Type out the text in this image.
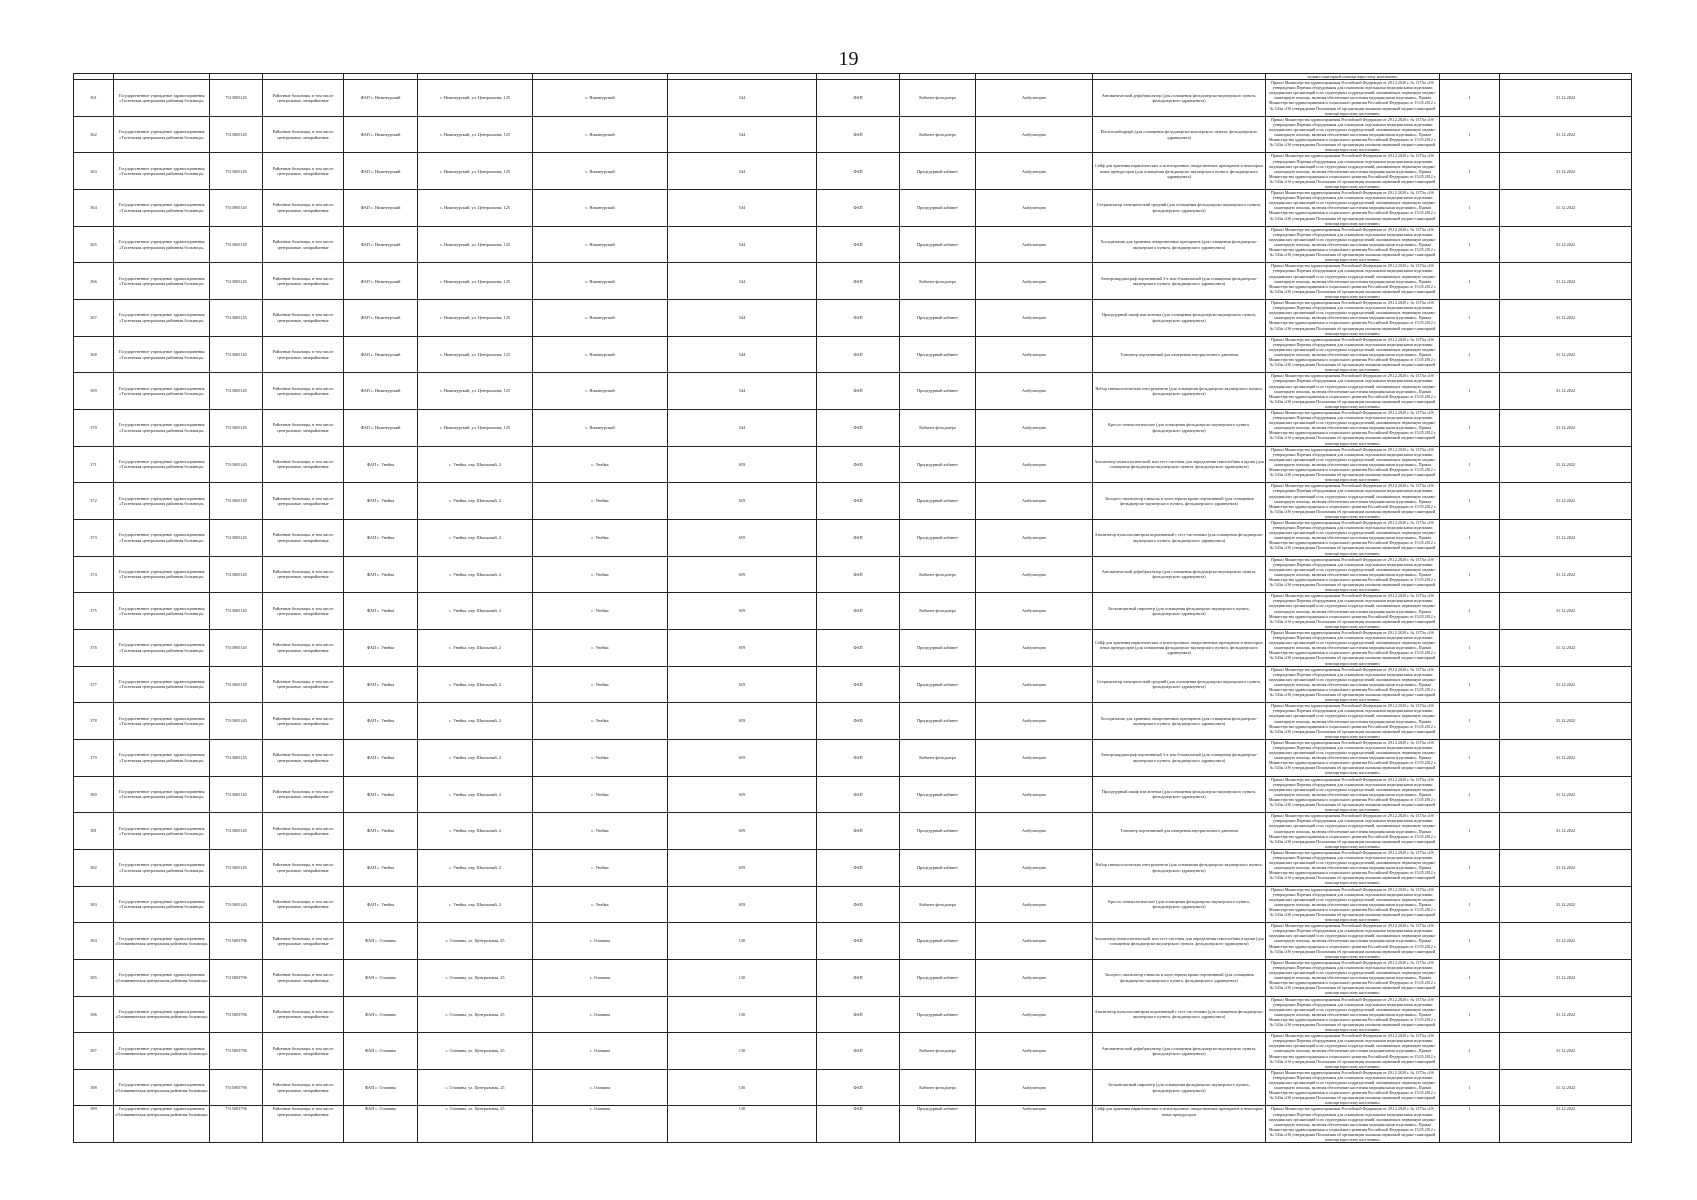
19
												медико-санитарной помощи взрослому населению»		
361	Государственное учреждение здравоохранения «Тасеевская центральная районная больница»	7513005145	Районные больницы, в том числе центральные, межрайонные	ФАП с. Нижнеурский	с. Нижнеурский, ул. Центральная, 125	с. Нижнеурский	544	ФАП	Кабинет фельдшера	Амбулаторно	Автоматический дефибриллятор (для оснащения фельдшерско-акушерского пункта, фельдшерского здравпункта)	Приказ Министерства здравоохранения Российской Федерации от 29.12.2020 г. № 1375н «Об утверждении Перечня оборудования для оснащения отдельными медицинскими изделиями медицинских организаций и их структурных подразделений, оказывающих первичную медико-санитарную помощь, включая обеспечение населения медицинскими изделиями», Приказ Министерства здравоохранения и социального развития Российской Федерации от 15.05.2012 г. № 543н «Об утверждении Положения об организации оказания первичной медико-санитарной помощи взрослому населению»	1	31.12.2022
362	Государственное учреждение здравоохранения «Тасеевская центральная районная больница»	7513005145	Районные больницы, в том числе центральные, межрайонные	ФАП с. Нижнеурский	с. Нижнеурский, ул. Центральная, 125	с. Нижнеурский	544	ФАП	Кабинет фельдшера	Амбулаторно	Electrocardiograph (для оснащения фельдшерско-акушерского пункта, фельдшерского здравпункта)	Приказ Министерства здравоохранения Российской Федерации от 29.12.2020 г. № 1375н «Об утверждении Перечня оборудования для оснащения отдельными медицинскими изделиями медицинских организаций и их структурных подразделений, оказывающих первичную медико-санитарную помощь, включая обеспечение населения медицинскими изделиями», Приказ Министерства здравоохранения и социального развития Российской Федерации от 15.05.2012 г. № 543н «Об утверждении Положения об организации оказания первичной медико-санитарной помощи взрослому населению»	1	31.12.2022
363	Государственное учреждение здравоохранения «Тасеевская центральная районная больница»	7513005145	Районные больницы, в том числе центральные, межрайонные	ФАП с. Нижнеурский	с. Нижнеурский, ул. Центральная, 125	с. Нижнеурский	544	ФАП	Процедурный кабинет	Амбулаторно	Сейф для хранения наркотических и психотропных лекарственных препаратов и некоторых иных прекурсоров (для оснащения фельдшерско-акушерского пункта, фельдшерского здравпункта)	Приказ Министерства здравоохранения Российской Федерации от 29.12.2020 г. № 1375н «Об утверждении Перечня оборудования для оснащения отдельными медицинскими изделиями медицинских организаций и их структурных подразделений, оказывающих первичную медико-санитарную помощь, включая обеспечение населения медицинскими изделиями», Приказ Министерства здравоохранения и социального развития Российской Федерации от 15.05.2012 г. № 543н «Об утверждении Положения об организации оказания первичной медико-санитарной помощи взрослому населению»	1	31.12.2022
364	Государственное учреждение здравоохранения «Тасеевская центральная районная больница»	7513005145	Районные больницы, в том числе центральные, межрайонные	ФАП с. Нижнеурский	с. Нижнеурский, ул. Центральная, 125	с. Нижнеурский	544	ФАП	Процедурный кабинет	Амбулаторно	Стерилизатор электрический средний (для оснащения фельдшерско-акушерского пункта, фельдшерского здравпункта)	Приказ Министерства здравоохранения Российской Федерации от 29.12.2020 г. № 1375н «Об утверждении Перечня оборудования для оснащения отдельными медицинскими изделиями медицинских организаций и их структурных подразделений, оказывающих первичную медико-санитарную помощь, включая обеспечение населения медицинскими изделиями», Приказ Министерства здравоохранения и социального развития Российской Федерации от 15.05.2012 г. № 543н «Об утверждении Положения об организации оказания первичной медико-санитарной помощи взрослому населению»	1	31.12.2022
365	Государственное учреждение здравоохранения «Тасеевская центральная районная больница»	7513005145	Районные больницы, в том числе центральные, межрайонные	ФАП с. Нижнеурский	с. Нижнеурский, ул. Центральная, 125	с. Нижнеурский	544	ФАП	Процедурный кабинет	Амбулаторно	Холодильник для хранения лекарственных препаратов (для оснащения фельдшерско-акушерского пункта, фельдшерского здравпункта)	Приказ Министерства здравоохранения Российской Федерации от 29.12.2020 г. № 1375н «Об утверждении Перечня оборудования для оснащения отдельными медицинскими изделиями медицинских организаций и их структурных подразделений, оказывающих первичную медико-санитарную помощь, включая обеспечение населения медицинскими изделиями», Приказ Министерства здравоохранения и социального развития Российской Федерации от 15.05.2012 г. № 543н «Об утверждении Положения об организации оказания первичной медико-санитарной помощи взрослому населению»	1	31.12.2022
366	Государственное учреждение здравоохранения «Тасеевская центральная районная больница»	7513005145	Районные больницы, в том числе центральные, межрайонные	ФАП с. Нижнеурский	с. Нижнеурский, ул. Центральная, 125	с. Нижнеурский	544	ФАП	Кабинет фельдшера	Амбулаторно	Электрокардиограф портативный 3-х или 6-канальный (для оснащения фельдшерско-акушерского пункта, фельдшерского здравпункта)	Приказ Министерства здравоохранения Российской Федерации от 29.12.2020 г. № 1375н «Об утверждении Перечня оборудования для оснащения отдельными медицинскими изделиями медицинских организаций и их структурных подразделений, оказывающих первичную медико-санитарную помощь, включая обеспечение населения медицинскими изделиями», Приказ Министерства здравоохранения и социального развития Российской Федерации от 15.05.2012 г. № 543н «Об утверждении Положения об организации оказания первичной медико-санитарной помощи взрослому населению»	1	31.12.2022
367	Государственное учреждение здравоохранения «Тасеевская центральная районная больница»	7513005145	Районные больницы, в том числе центральные, межрайонные	ФАП с. Нижнеурский	с. Нижнеурский, ул. Центральная, 125	с. Нижнеурский	544	ФАП	Процедурный кабинет	Амбулаторно	Процедурный шкаф или аптечка (для оснащения фельдшерско-акушерского пункта, фельдшерского здравпункта)	Приказ Министерства здравоохранения Российской Федерации от 29.12.2020 г. № 1375н «Об утверждении Перечня оборудования для оснащения отдельными медицинскими изделиями медицинских организаций и их структурных подразделений, оказывающих первичную медико-санитарную помощь, включая обеспечение населения медицинскими изделиями», Приказ Министерства здравоохранения и социального развития Российской Федерации от 15.05.2012 г. № 543н «Об утверждении Положения об организации оказания первичной медико-санитарной помощи взрослому населению»	1	31.12.2022
368	Государственное учреждение здравоохранения «Тасеевская центральная районная больница»	7513005145	Районные больницы, в том числе центральные, межрайонные	ФАП с. Нижнеурский	с. Нижнеурский, ул. Центральная, 125	с. Нижнеурский	544	ФАП	Процедурный кабинет	Амбулаторно	Тонометр портативный для измерения внутриглазного давления	Приказ Министерства здравоохранения Российской Федерации от 29.12.2020 г. № 1375н «Об утверждении Перечня оборудования для оснащения отдельными медицинскими изделиями медицинских организаций и их структурных подразделений, оказывающих первичную медико-санитарную помощь, включая обеспечение населения медицинскими изделиями», Приказ Министерства здравоохранения и социального развития Российской Федерации от 15.05.2012 г. № 543н «Об утверждении Положения об организации оказания первичной медико-санитарной помощи взрослому населению»	1	31.12.2022
369	Государственное учреждение здравоохранения «Тасеевская центральная районная больница»	7513005145	Районные больницы, в том числе центральные, межрайонные	ФАП с. Нижнеурский	с. Нижнеурский, ул. Центральная, 125	с. Нижнеурский	544	ФАП	Процедурный кабинет	Амбулаторно	Набор гинекологических инструментов (для оснащения фельдшерско-акушерского пункта, фельдшерского здравпункта)	Приказ Министерства здравоохранения Российской Федерации от 29.12.2020 г. № 1375н «Об утверждении Перечня оборудования для оснащения отдельными медицинскими изделиями медицинских организаций и их структурных подразделений, оказывающих первичную медико-санитарную помощь, включая обеспечение населения медицинскими изделиями», Приказ Министерства здравоохранения и социального развития Российской Федерации от 15.05.2012 г. № 543н «Об утверждении Положения об организации оказания первичной медико-санитарной помощи взрослому населению»	1	31.12.2022
370	Государственное учреждение здравоохранения «Тасеевская центральная районная больница»	7513005145	Районные больницы, в том числе центральные, межрайонные	ФАП с. Нижнеурский	с. Нижнеурский, ул. Центральная, 125	с. Нижнеурский	544	ФАП	Кабинет фельдшера	Амбулаторно	Кресло гинекологическое (для оснащения фельдшерско-акушерского пункта, фельдшерского здравпункта)	Приказ Министерства здравоохранения Российской Федерации от 29.12.2020 г. № 1375н «Об утверждении Перечня оборудования для оснащения отдельными медицинскими изделиями медицинских организаций и их структурных подразделений, оказывающих первичную медико-санитарную помощь, включая обеспечение населения медицинскими изделиями», Приказ Министерства здравоохранения и социального развития Российской Федерации от 15.05.2012 г. № 543н «Об утверждении Положения об организации оказания первичной медико-санитарной помощи взрослому населению»	1	31.12.2022
371	Государственное учреждение здравоохранения «Тасеевская центральная районная больница»	7513005145	Районные больницы, в том числе центральные, межрайонные	ФАП с. Унейка	с. Унейка, пер. Школьный, 2	с. Унейка	659	ФАП	Процедурный кабинет	Амбулаторно	Анализатор гематологический, или тест-системы для определения гемоглобина в крови (для оснащения фельдшерско-акушерского пункта, фельдшерского здравпункта)	Приказ Министерства здравоохранения Российской Федерации от 29.12.2020 г. № 1375н «Об утверждении Перечня оборудования для оснащения отдельными медицинскими изделиями медицинских организаций и их структурных подразделений, оказывающих первичную медико-санитарную помощь, включая обеспечение населения медицинскими изделиями», Приказ Министерства здравоохранения и социального развития Российской Федерации от 15.05.2012 г. № 543н «Об утверждении Положения об организации оказания первичной медико-санитарной помощи взрослому населению»	1	31.12.2022
372	Государственное учреждение здравоохранения «Тасеевская центральная районная больница»	7513005145	Районные больницы, в том числе центральные, межрайонные	ФАП с. Унейка	с. Унейка, пер. Школьный, 2	с. Унейка	659	ФАП	Процедурный кабинет	Амбулаторно	Экспресс-анализатор глюкозы и холестерина крови портативный (для оснащения фельдшерско-акушерского пункта, фельдшерского здравпункта)	Приказ Министерства здравоохранения Российской Федерации от 29.12.2020 г. № 1375н «Об утверждении Перечня оборудования для оснащения отдельными медицинскими изделиями медицинских организаций и их структурных подразделений, оказывающих первичную медико-санитарную помощь, включая обеспечение населения медицинскими изделиями», Приказ Министерства здравоохранения и социального развития Российской Федерации от 15.05.2012 г. № 543н «Об утверждении Положения об организации оказания первичной медико-санитарной помощи взрослому населению»	1	31.12.2022
373	Государственное учреждение здравоохранения «Тасеевская центральная районная больница»	7513005145	Районные больницы, в том числе центральные, межрайонные	ФАП с. Унейка	с. Унейка, пер. Школьный, 2	с. Унейка	659	ФАП	Процедурный кабинет	Амбулаторно	Анализатор пульсоксиметрии портативный с тест-системами (для оснащения фельдшерско-акушерского пункта, фельдшерского здравпункта)	Приказ Министерства здравоохранения Российской Федерации от 29.12.2020 г. № 1375н «Об утверждении Перечня оборудования для оснащения отдельными медицинскими изделиями медицинских организаций и их структурных подразделений, оказывающих первичную медико-санитарную помощь, включая обеспечение населения медицинскими изделиями», Приказ Министерства здравоохранения и социального развития Российской Федерации от 15.05.2012 г. № 543н «Об утверждении Положения об организации оказания первичной медико-санитарной помощи взрослому населению»	1	31.12.2022
374	Государственное учреждение здравоохранения «Тасеевская центральная районная больница»	7513005145	Районные больницы, в том числе центральные, межрайонные	ФАП с. Унейка	с. Унейка, пер. Школьный, 2	с. Унейка	659	ФАП	Кабинет фельдшера	Амбулаторно	Автоматический дефибриллятор (для оснащения фельдшерско-акушерского пункта, фельдшерского здравпункта)	Приказ Министерства здравоохранения Российской Федерации от 29.12.2020 г. № 1375н «Об утверждении Перечня оборудования для оснащения отдельными медицинскими изделиями медицинских организаций и их структурных подразделений, оказывающих первичную медико-санитарную помощь, включая обеспечение населения медицинскими изделиями», Приказ Министерства здравоохранения и социального развития Российской Федерации от 15.05.2012 г. № 543н «Об утверждении Положения об организации оказания первичной медико-санитарной помощи взрослому населению»	1	31.12.2022
375	Государственное учреждение здравоохранения «Тасеевская центральная районная больница»	7513005145	Районные больницы, в том числе центральные, межрайонные	ФАП с. Унейка	с. Унейка, пер. Школьный, 2	с. Унейка	659	ФАП	Кабинет фельдшера	Амбулаторно	Бесконтактный пирометр (для оснащения фельдшерско-акушерского пункта, фельдшерского здравпункта)	Приказ Министерства здравоохранения Российской Федерации от 29.12.2020 г. № 1375н «Об утверждении Перечня оборудования для оснащения отдельными медицинскими изделиями медицинских организаций и их структурных подразделений, оказывающих первичную медико-санитарную помощь, включая обеспечение населения медицинскими изделиями», Приказ Министерства здравоохранения и социального развития Российской Федерации от 15.05.2012 г. № 543н «Об утверждении Положения об организации оказания первичной медико-санитарной помощи взрослому населению»	1	31.12.2022
376	Государственное учреждение здравоохранения «Тасеевская центральная районная больница»	7513005145	Районные больницы, в том числе центральные, межрайонные	ФАП с. Унейка	с. Унейка, пер. Школьный, 2	с. Унейка	659	ФАП	Процедурный кабинет	Амбулаторно	Сейф для хранения наркотических и психотропных лекарственных препаратов и некоторых иных прекурсоров (для оснащения фельдшерско-акушерского пункта, фельдшерского здравпункта)	Приказ Министерства здравоохранения Российской Федерации от 29.12.2020 г. № 1375н «Об утверждении Перечня оборудования для оснащения отдельными медицинскими изделиями медицинских организаций и их структурных подразделений, оказывающих первичную медико-санитарную помощь, включая обеспечение населения медицинскими изделиями», Приказ Министерства здравоохранения и социального развития Российской Федерации от 15.05.2012 г. № 543н «Об утверждении Положения об организации оказания первичной медико-санитарной помощи взрослому населению»	1	31.12.2022
377	Государственное учреждение здравоохранения «Тасеевская центральная районная больница»	7513005145	Районные больницы, в том числе центральные, межрайонные	ФАП с. Унейка	с. Унейка, пер. Школьный, 2	с. Унейка	659	ФАП	Процедурный кабинет	Амбулаторно	Стерилизатор электрический средний (для оснащения фельдшерско-акушерского пункта, фельдшерского здравпункта)	Приказ Министерства здравоохранения Российской Федерации от 29.12.2020 г. № 1375н «Об утверждении Перечня оборудования для оснащения отдельными медицинскими изделиями медицинских организаций и их структурных подразделений, оказывающих первичную медико-санитарную помощь, включая обеспечение населения медицинскими изделиями», Приказ Министерства здравоохранения и социального развития Российской Федерации от 15.05.2012 г. № 543н «Об утверждении Положения об организации оказания первичной медико-санитарной помощи взрослому населению»	1	31.12.2022
378	Государственное учреждение здравоохранения «Тасеевская центральная районная больница»	7513005145	Районные больницы, в том числе центральные, межрайонные	ФАП с. Унейка	с. Унейка, пер. Школьный, 2	с. Унейка	659	ФАП	Процедурный кабинет	Амбулаторно	Холодильник для хранения лекарственных препаратов (для оснащения фельдшерско-акушерского пункта, фельдшерского здравпункта)	Приказ Министерства здравоохранения Российской Федерации от 29.12.2020 г. № 1375н «Об утверждении Перечня оборудования для оснащения отдельными медицинскими изделиями медицинских организаций и их структурных подразделений, оказывающих первичную медико-санитарную помощь, включая обеспечение населения медицинскими изделиями», Приказ Министерства здравоохранения и социального развития Российской Федерации от 15.05.2012 г. № 543н «Об утверждении Положения об организации оказания первичной медико-санитарной помощи взрослому населению»	1	31.12.2022
379	Государственное учреждение здравоохранения «Тасеевская центральная районная больница»	7513005145	Районные больницы, в том числе центральные, межрайонные	ФАП с. Унейка	с. Унейка, пер. Школьный, 2	с. Унейка	659	ФАП	Кабинет фельдшера	Амбулаторно	Электрокардиограф портативный 3-х или 6-канальный (для оснащения фельдшерско-акушерского пункта, фельдшерского здравпункта)	Приказ Министерства здравоохранения Российской Федерации от 29.12.2020 г. № 1375н «Об утверждении Перечня оборудования для оснащения отдельными медицинскими изделиями медицинских организаций и их структурных подразделений, оказывающих первичную медико-санитарную помощь, включая обеспечение населения медицинскими изделиями», Приказ Министерства здравоохранения и социального развития Российской Федерации от 15.05.2012 г. № 543н «Об утверждении Положения об организации оказания первичной медико-санитарной помощи взрослому населению»	1	31.12.2022
380	Государственное учреждение здравоохранения «Тасеевская центральная районная больница»	7513005145	Районные больницы, в том числе центральные, межрайонные	ФАП с. Унейка	с. Унейка, пер. Школьный, 2	с. Унейка	659	ФАП	Процедурный кабинет	Амбулаторно	Процедурный шкаф или аптечка (для оснащения фельдшерско-акушерского пункта, фельдшерского здравпункта)	Приказ Министерства здравоохранения Российской Федерации от 29.12.2020 г. № 1375н «Об утверждении Перечня оборудования для оснащения отдельными медицинскими изделиями медицинских организаций и их структурных подразделений, оказывающих первичную медико-санитарную помощь, включая обеспечение населения медицинскими изделиями», Приказ Министерства здравоохранения и социального развития Российской Федерации от 15.05.2012 г. № 543н «Об утверждении Положения об организации оказания первичной медико-санитарной помощи взрослому населению»	1	31.12.2022
381	Государственное учреждение здравоохранения «Тасеевская центральная районная больница»	7513005145	Районные больницы, в том числе центральные, межрайонные	ФАП с. Унейка	с. Унейка, пер. Школьный, 2	с. Унейка	659	ФАП	Процедурный кабинет	Амбулаторно	Тонометр портативный для измерения внутриглазного давления	Приказ Министерства здравоохранения Российской Федерации от 29.12.2020 г. № 1375н «Об утверждении Перечня оборудования для оснащения отдельными медицинскими изделиями медицинских организаций и их структурных подразделений, оказывающих первичную медико-санитарную помощь, включая обеспечение населения медицинскими изделиями», Приказ Министерства здравоохранения и социального развития Российской Федерации от 15.05.2012 г. № 543н «Об утверждении Положения об организации оказания первичной медико-санитарной помощи взрослому населению»	1	31.12.2022
382	Государственное учреждение здравоохранения «Тасеевская центральная районная больница»	7513005145	Районные больницы, в том числе центральные, межрайонные	ФАП с. Унейка	с. Унейка, пер. Школьный, 2	с. Унейка	659	ФАП	Процедурный кабинет	Амбулаторно	Набор гинекологических инструментов (для оснащения фельдшерско-акушерского пункта, фельдшерского здравпункта)	Приказ Министерства здравоохранения Российской Федерации от 29.12.2020 г. № 1375н «Об утверждении Перечня оборудования для оснащения отдельными медицинскими изделиями медицинских организаций и их структурных подразделений, оказывающих первичную медико-санитарную помощь, включая обеспечение населения медицинскими изделиями», Приказ Министерства здравоохранения и социального развития Российской Федерации от 15.05.2012 г. № 543н «Об утверждении Положения об организации оказания первичной медико-санитарной помощи взрослому населению»	1	31.12.2022
383	Государственное учреждение здравоохранения «Тасеевская центральная районная больница»	7513005145	Районные больницы, в том числе центральные, межрайонные	ФАП с. Унейка	с. Унейка, пер. Школьный, 2	с. Унейка	659	ФАП	Кабинет фельдшера	Амбулаторно	Кресло гинекологическое (для оснащения фельдшерско-акушерского пункта, фельдшерского здравпункта)	Приказ Министерства здравоохранения Российской Федерации от 29.12.2020 г. № 1375н «Об утверждении Перечня оборудования для оснащения отдельными медицинскими изделиями медицинских организаций и их структурных подразделений, оказывающих первичную медико-санитарную помощь, включая обеспечение населения медицинскими изделиями», Приказ Министерства здравоохранения и социального развития Российской Федерации от 15.05.2012 г. № 543н «Об утверждении Положения об организации оказания первичной медико-санитарной помощи взрослому населению»	1	31.12.2022
384	Государственное учреждение здравоохранения «Оловяннинская центральная районная больница»	7515003796	Районные больницы, в том числе центральные, межрайонные	ФАП с. Оловяны	с. Оловяны, ул. Центральная, 25	с. Оловяны	130	ФАП	Процедурный кабинет	Амбулаторно	Анализатор гематологический, или тест-системы для определения гемоглобина в крови (для оснащения фельдшерско-акушерского пункта, фельдшерского здравпункта)	Приказ Министерства здравоохранения Российской Федерации от 29.12.2020 г. № 1375н «Об утверждении Перечня оборудования для оснащения отдельными медицинскими изделиями медицинских организаций и их структурных подразделений, оказывающих первичную медико-санитарную помощь, включая обеспечение населения медицинскими изделиями», Приказ Министерства здравоохранения и социального развития Российской Федерации от 15.05.2012 г. № 543н «Об утверждении Положения об организации оказания первичной медико-санитарной помощи взрослому населению»	1	31.12.2022
385	Государственное учреждение здравоохранения «Оловяннинская центральная районная больница»	7515003796	Районные больницы, в том числе центральные, межрайонные	ФАП с. Оловяны	с. Оловяны, ул. Центральная, 25	с. Оловяны	130	ФАП	Процедурный кабинет	Амбулаторно	Экспресс-анализатор глюкозы и холестерина крови портативный (для оснащения фельдшерско-акушерского пункта, фельдшерского здравпункта)	Приказ Министерства здравоохранения Российской Федерации от 29.12.2020 г. № 1375н «Об утверждении Перечня оборудования для оснащения отдельными медицинскими изделиями медицинских организаций и их структурных подразделений, оказывающих первичную медико-санитарную помощь, включая обеспечение населения медицинскими изделиями», Приказ Министерства здравоохранения и социального развития Российской Федерации от 15.05.2012 г. № 543н «Об утверждении Положения об организации оказания первичной медико-санитарной помощи взрослому населению»	1	31.12.2022
386	Государственное учреждение здравоохранения «Оловяннинская центральная районная больница»	7515003796	Районные больницы, в том числе центральные, межрайонные	ФАП с. Оловяны	с. Оловяны, ул. Центральная, 25	с. Оловяны	130	ФАП	Процедурный кабинет	Амбулаторно	Анализатор пульсоксиметрии портативный с тест-системами (для оснащения фельдшерско-акушерского пункта, фельдшерского здравпункта)	Приказ Министерства здравоохранения Российской Федерации от 29.12.2020 г. № 1375н «Об утверждении Перечня оборудования для оснащения отдельными медицинскими изделиями медицинских организаций и их структурных подразделений, оказывающих первичную медико-санитарную помощь, включая обеспечение населения медицинскими изделиями», Приказ Министерства здравоохранения и социального развития Российской Федерации от 15.05.2012 г. № 543н «Об утверждении Положения об организации оказания первичной медико-санитарной помощи взрослому населению»	1	31.12.2022
387	Государственное учреждение здравоохранения «Оловяннинская центральная районная больница»	7515003796	Районные больницы, в том числе центральные, межрайонные	ФАП с. Оловяны	с. Оловяны, ул. Центральная, 25	с. Оловяны	130	ФАП	Кабинет фельдшера	Амбулаторно	Автоматический дефибриллятор (для оснащения фельдшерско-акушерского пункта, фельдшерского здравпункта)	Приказ Министерства здравоохранения Российской Федерации от 29.12.2020 г. № 1375н «Об утверждении Перечня оборудования для оснащения отдельными медицинскими изделиями медицинских организаций и их структурных подразделений, оказывающих первичную медико-санитарную помощь, включая обеспечение населения медицинскими изделиями», Приказ Министерства здравоохранения и социального развития Российской Федерации от 15.05.2012 г. № 543н «Об утверждении Положения об организации оказания первичной медико-санитарной помощи взрослому населению»	1	31.12.2022
388	Государственное учреждение здравоохранения «Оловяннинская центральная районная больница»	7515003796	Районные больницы, в том числе центральные, межрайонные	ФАП с. Оловяны	с. Оловяны, ул. Центральная, 25	с. Оловяны	130	ФАП	Кабинет фельдшера	Амбулаторно	Бесконтактный пирометр (для оснащения фельдшерско-акушерского пункта, фельдшерского здравпункта)	Приказ Министерства здравоохранения Российской Федерации от 29.12.2020 г. № 1375н «Об утверждении Перечня оборудования для оснащения отдельными медицинскими изделиями медицинских организаций и их структурных подразделений, оказывающих первичную медико-санитарную помощь, включая обеспечение населения медицинскими изделиями», Приказ Министерства здравоохранения и социального развития Российской Федерации от 15.05.2012 г. № 543н «Об утверждении Положения об организации оказания первичной медико-санитарной помощи взрослому населению»	1	31.12.2022
389	Государственное учреждение здравоохранения «Оловяннинская центральная районная больница»	7515003796	Районные больницы, в том числе центральные, межрайонные	ФАП с. Оловяны	с. Оловяны, ул. Центральная, 25	с. Оловяны	130	ФАП	Процедурный кабинет	Амбулаторно	Сейф для хранения наркотических и психотропных лекарственных препаратов и некоторых иных прекурсоров	Приказ Министерства здравоохранения Российской Федерации от 29.12.2020 г. № 1375н «Об утверждении Перечня оборудования для оснащения отдельными медицинскими изделиями медицинских организаций и их структурных подразделений, оказывающих первичную медико-санитарную помощь, включая обеспечение населения медицинскими изделиями», Приказ Министерства здравоохранения и социального развития Российской Федерации от 15.05.2012 г. № 543н «Об утверждении Положения об организации оказания первичной медико-санитарной помощи взрослому населению»	1	31.12.2022
